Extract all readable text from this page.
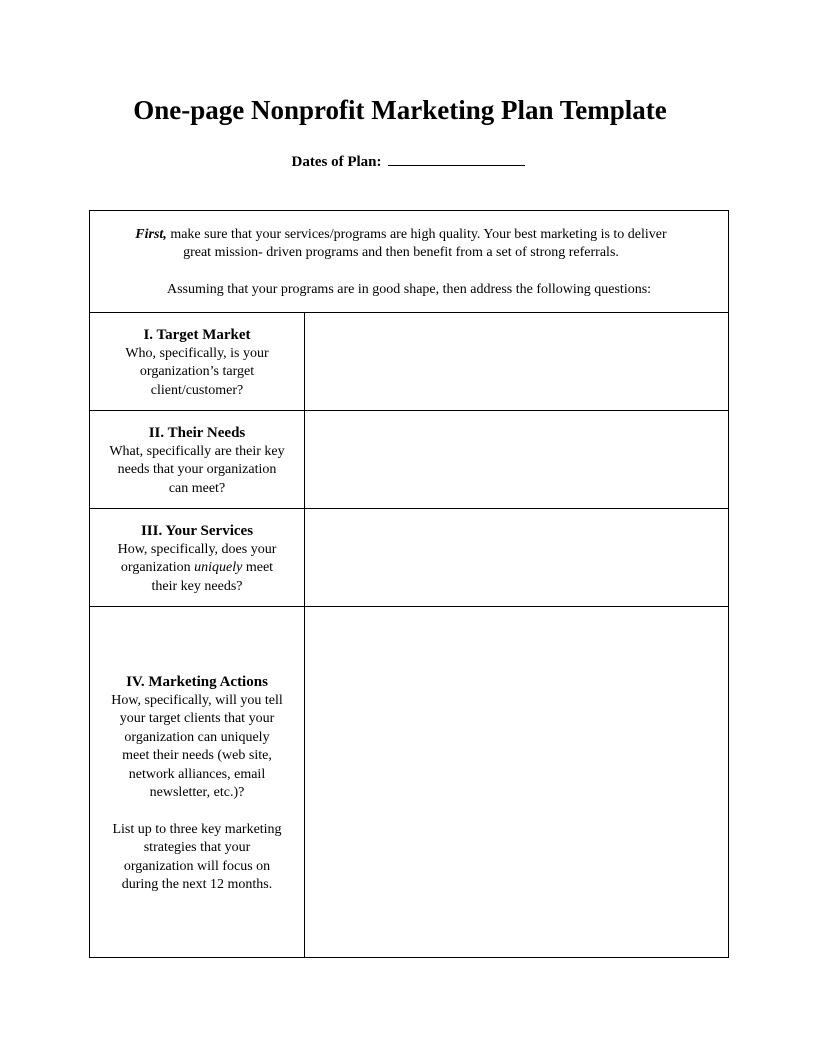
One-page Nonprofit Marketing Plan Template
Dates of Plan:
First, make sure that your services/programs are high quality. Your best marketing is to deliver
great mission- driven programs and then benefit from a set of strong referrals.
Assuming that your programs are in good shape, then address the following questions:
I. Target Market
Who, specifically, is your
organization’s target
client/customer?
II. Their Needs
What, specifically are their key
needs that your organization
can meet?
III. Your Services
How, specifically, does your
organization uniquely meet
their key needs?
IV. Marketing Actions
How, specifically, will you tell
your target clients that your
organization can uniquely
meet their needs (web site,
network alliances, email
newsletter, etc.)?
List up to three key marketing
strategies that your
organization will focus on
during the next 12 months.
